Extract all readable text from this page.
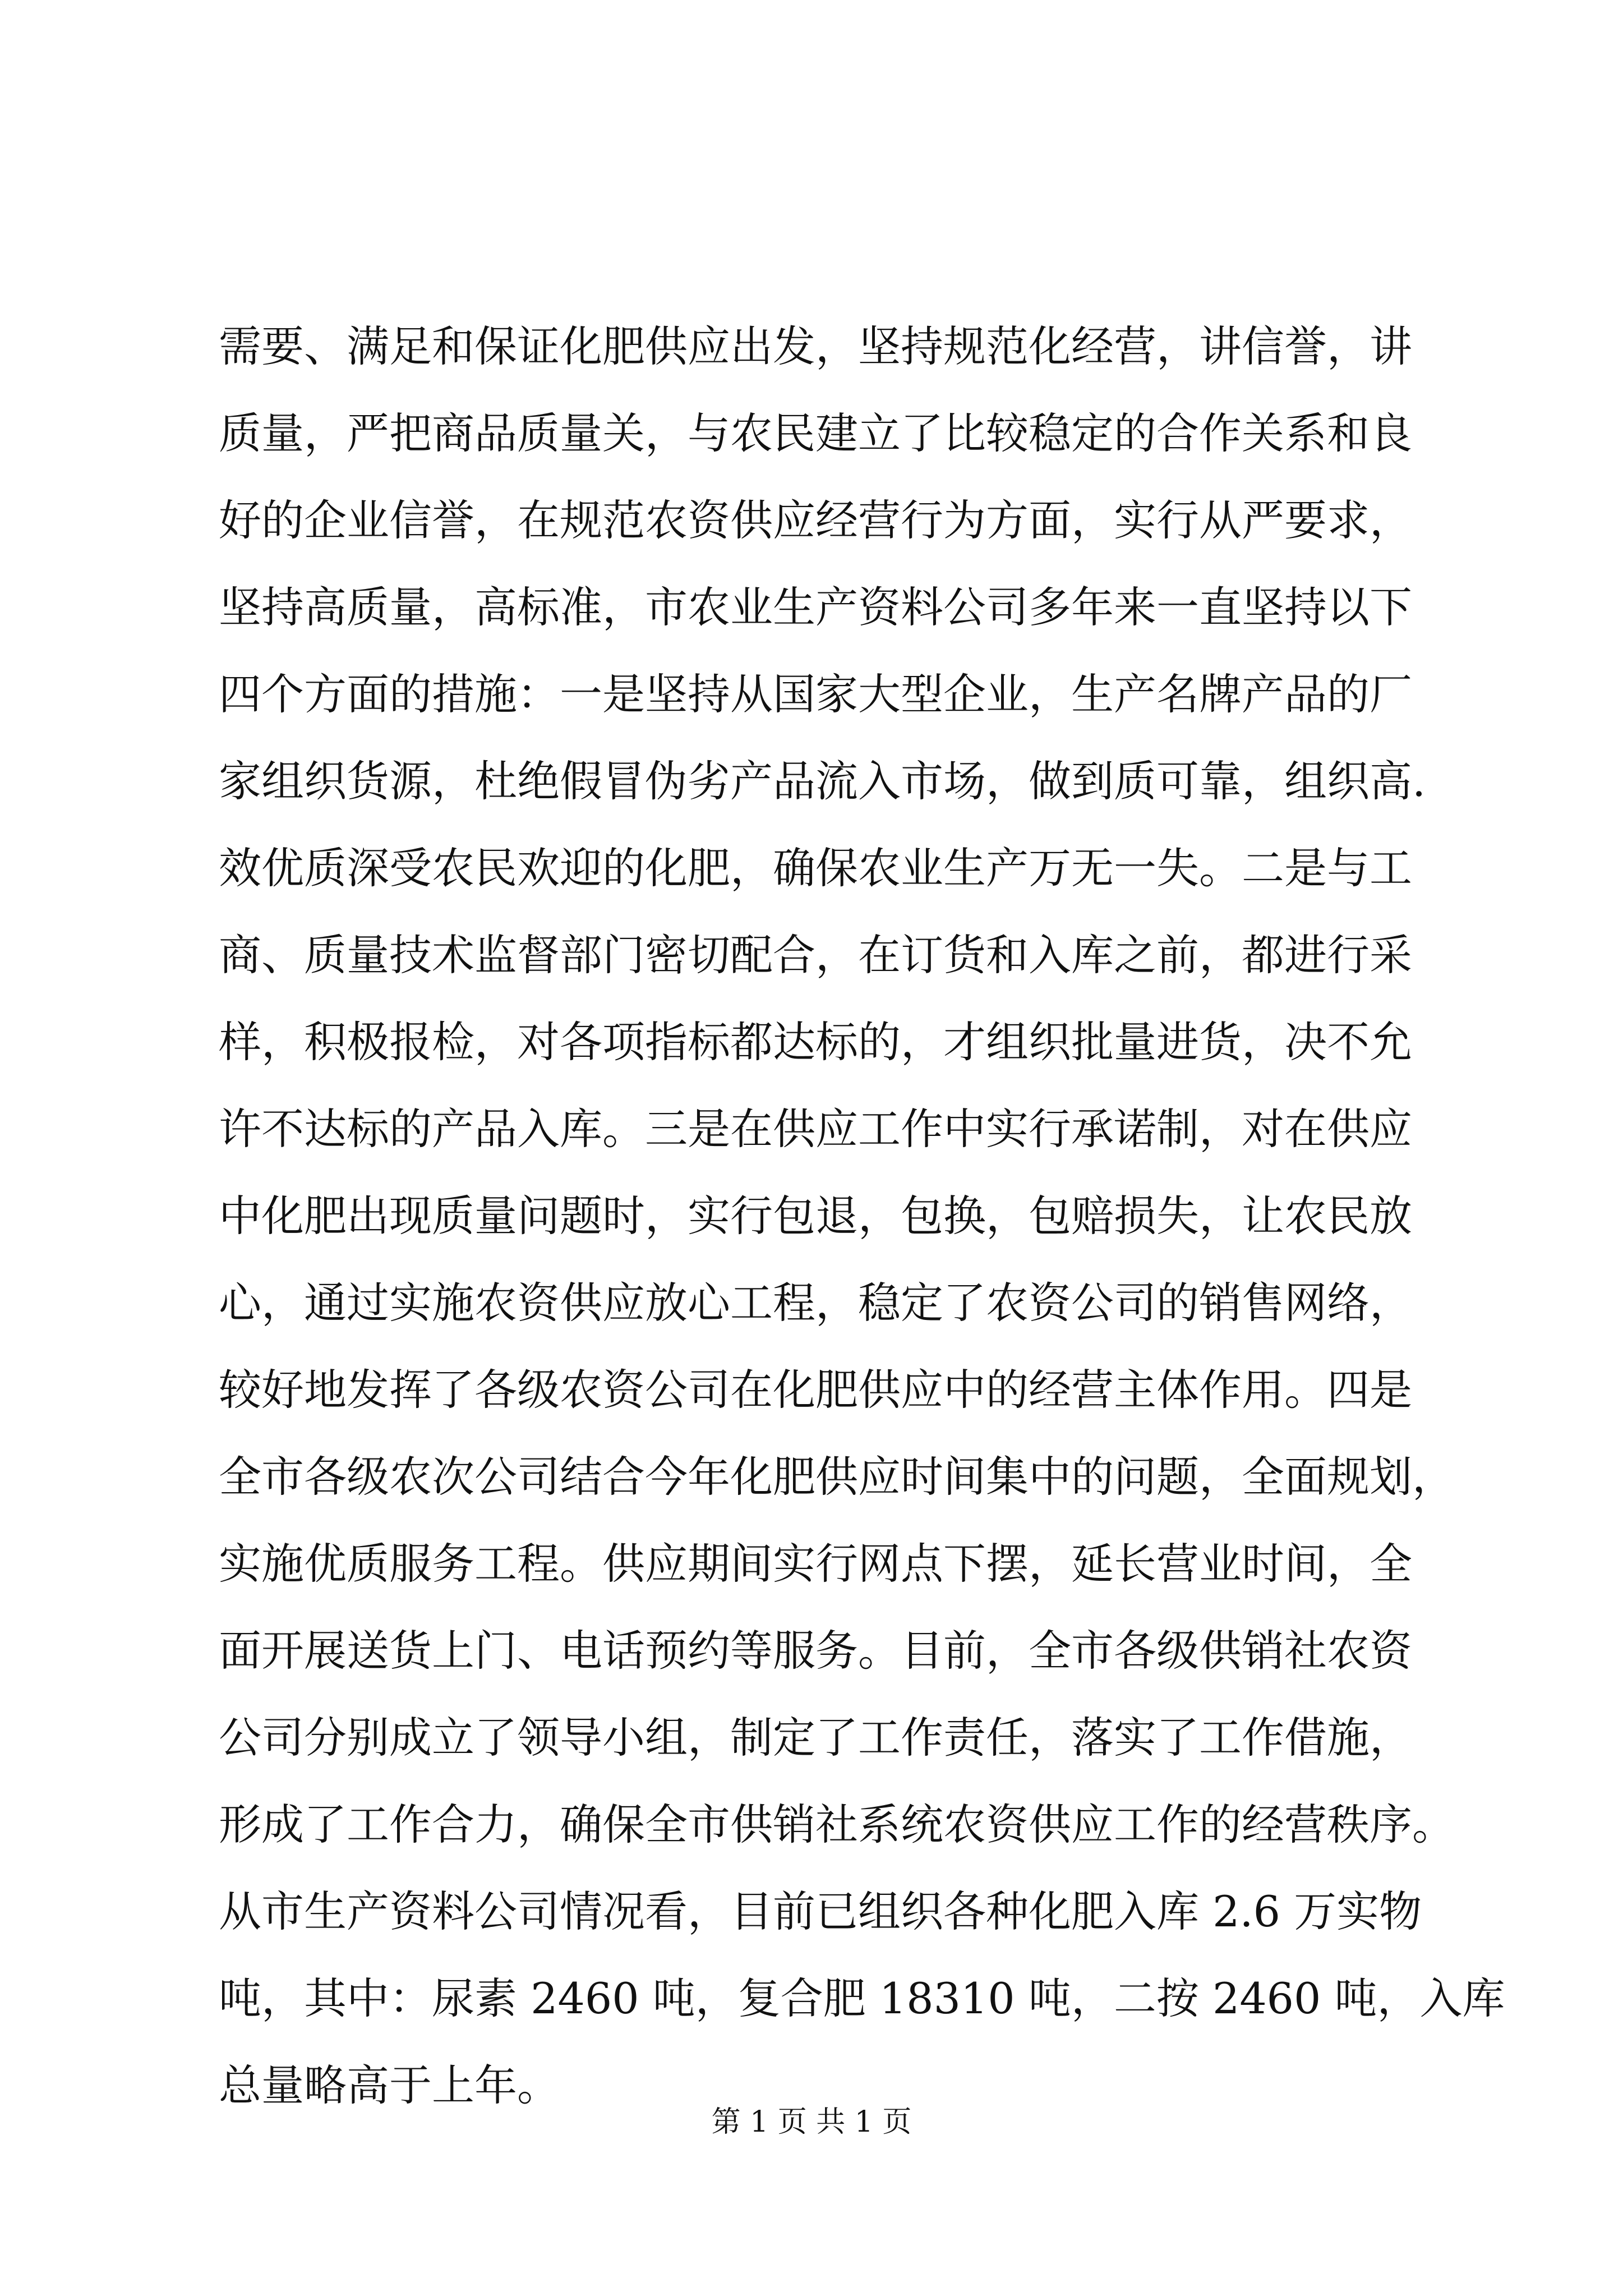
需要、满足和保证化肥供应出发，坚持规范化经营，讲信誉，讲
质量，严把商品质量关，与农民建立了比较稳定的合作关系和良
好的企业信誉，在规范农资供应经营行为方面，实行从严要求，
坚持高质量，高标准，市农业生产资料公司多年来一直坚持以下
四个方面的措施：一是坚持从国家大型企业，生产名牌产品的厂
家组织货源，杜绝假冒伪劣产品流入市场，做到质可靠，组织高.
效优质深受农民欢迎的化肥，确保农业生产万无一失。二是与工
商、质量技术监督部门密切配合，在订货和入库之前，都进行采
样，积极报检，对各项指标都达标的，才组织批量进货，决不允
许不达标的产品入库。三是在供应工作中实行承诺制，对在供应
中化肥出现质量问题时，实行包退，包换，包赔损失，让农民放
心，通过实施农资供应放心工程，稳定了农资公司的销售网络，
较好地发挥了各级农资公司在化肥供应中的经营主体作用。四是
全市各级农次公司结合今年化肥供应时间集中的问题，全面规划，
实施优质服务工程。供应期间实行网点下摆，延长营业时间，全
面开展送货上门、电话预约等服务。目前，全市各级供销社农资
公司分别成立了领导小组，制定了工作责任，落实了工作借施，
形成了工作合力，确保全市供销社系统农资供应工作的经营秩序。
从市生产资料公司情况看，目前已组织各种化肥入库 2.6 万实物
吨，其中：尿素 2460 吨，复合肥 18310 吨，二按 2460 吨，入库
总量略高于上年。
第 1 页 共 1 页
